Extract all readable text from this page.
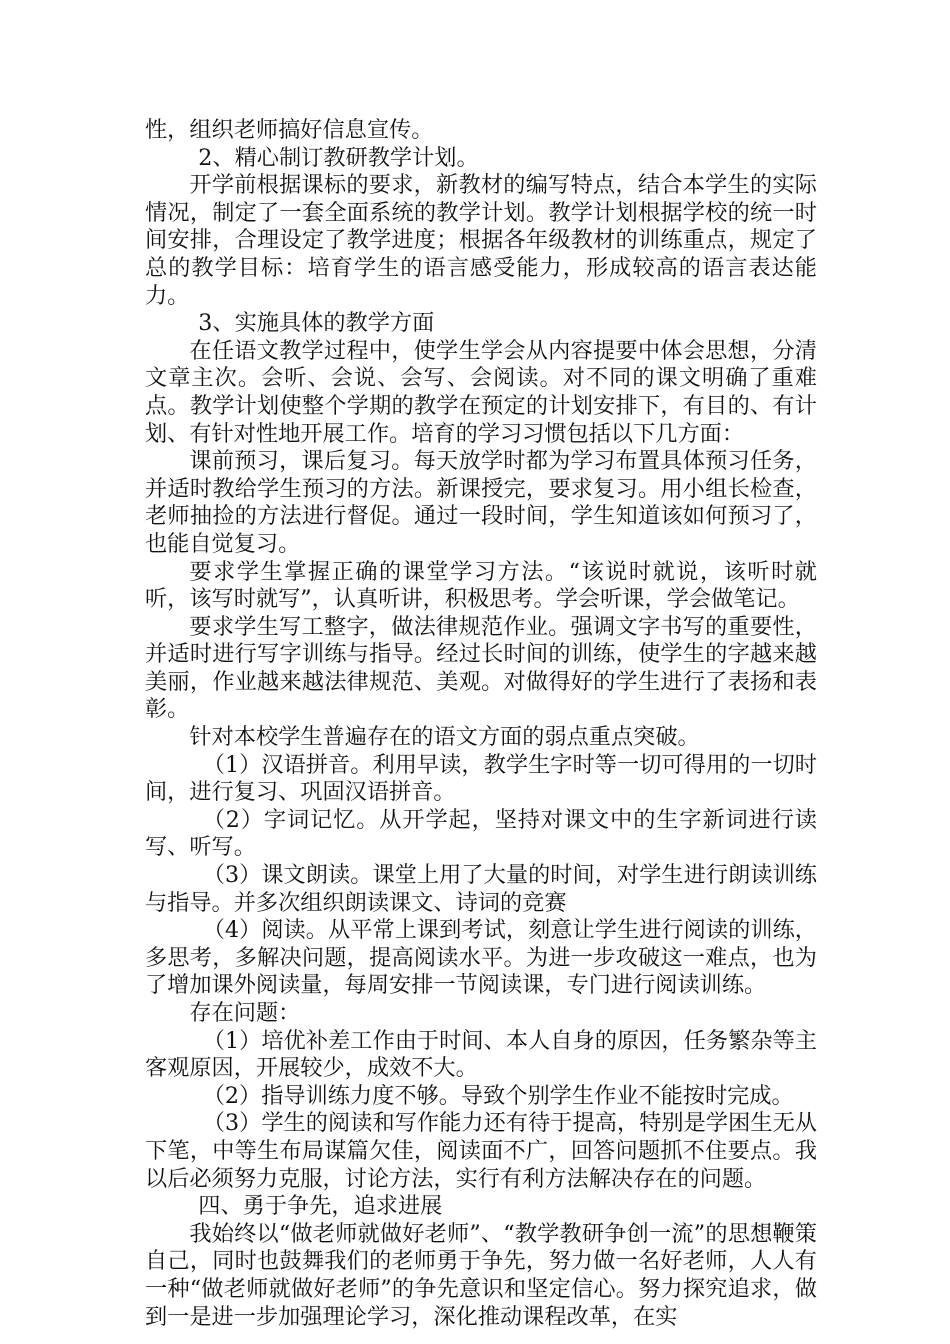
性，组织老师搞好信息宣传。

2、精心制订教研教学计划。

开学前根据课标的要求，新教材的编写特点，结合本学生的实际情况，制定了一套全面系统的教学计划。教学计划根据学校的统一时间安排，合理设定了教学进度；根据各年级教材的训练重点，规定了总的教学目标：培育学生的语言感受能力，形成较高的语言表达能力。

3、实施具体的教学方面

在任语文教学过程中，使学生学会从内容提要中体会思想，分清文章主次。会听、会说、会写、会阅读。对不同的课文明确了重难点。教学计划使整个学期的教学在预定的计划安排下，有目的、有计划、有针对性地开展工作。培育的学习习惯包括以下几方面：

课前预习，课后复习。每天放学时都为学习布置具体预习任务，并适时教给学生预习的方法。新课授完，要求复习。用小组长检查，老师抽捡的方法进行督促。通过一段时间，学生知道该如何预习了，也能自觉复习。

要求学生掌握正确的课堂学习方法。“该说时就说，该听时就听，该写时就写”，认真听讲，积极思考。学会听课，学会做笔记。

要求学生写工整字，做法律规范作业。强调文字书写的重要性，并适时进行写字训练与指导。经过长时间的训练，使学生的字越来越美丽，作业越来越法律规范、美观。对做得好的学生进行了表扬和表彰。

针对本校学生普遍存在的语文方面的弱点重点突破。

（1）汉语拼音。利用早读，教学生字时等一切可得用的一切时间，进行复习、巩固汉语拼音。

（2）字词记忆。从开学起，坚持对课文中的生字新词进行读写、听写。

（3）课文朗读。课堂上用了大量的时间，对学生进行朗读训练与指导。并多次组织朗读课文、诗词的竞赛

（4）阅读。从平常上课到考试，刻意让学生进行阅读的训练，多思考，多解决问题，提高阅读水平。为进一步攻破这一难点，也为了增加课外阅读量，每周安排一节阅读课，专门进行阅读训练。

存在问题：

（1）培优补差工作由于时间、本人自身的原因，任务繁杂等主客观原因，开展较少，成效不大。

（2）指导训练力度不够。导致个别学生作业不能按时完成。

（3）学生的阅读和写作能力还有待于提高，特别是学困生无从下笔，中等生布局谋篇欠佳，阅读面不广，回答问题抓不住要点。我以后必须努力克服，讨论方法，实行有利方法解决存在的问题。

四、勇于争先，追求进展

我始终以“做老师就做好老师”、“教学教研争创一流”的思想鞭策自己，同时也鼓舞我们的老师勇于争先，努力做一名好老师，人人有一种“做老师就做好老师”的争先意识和坚定信心。努力探究追求，做到一是进一步加强理论学习，深化推动课程改革，在实
